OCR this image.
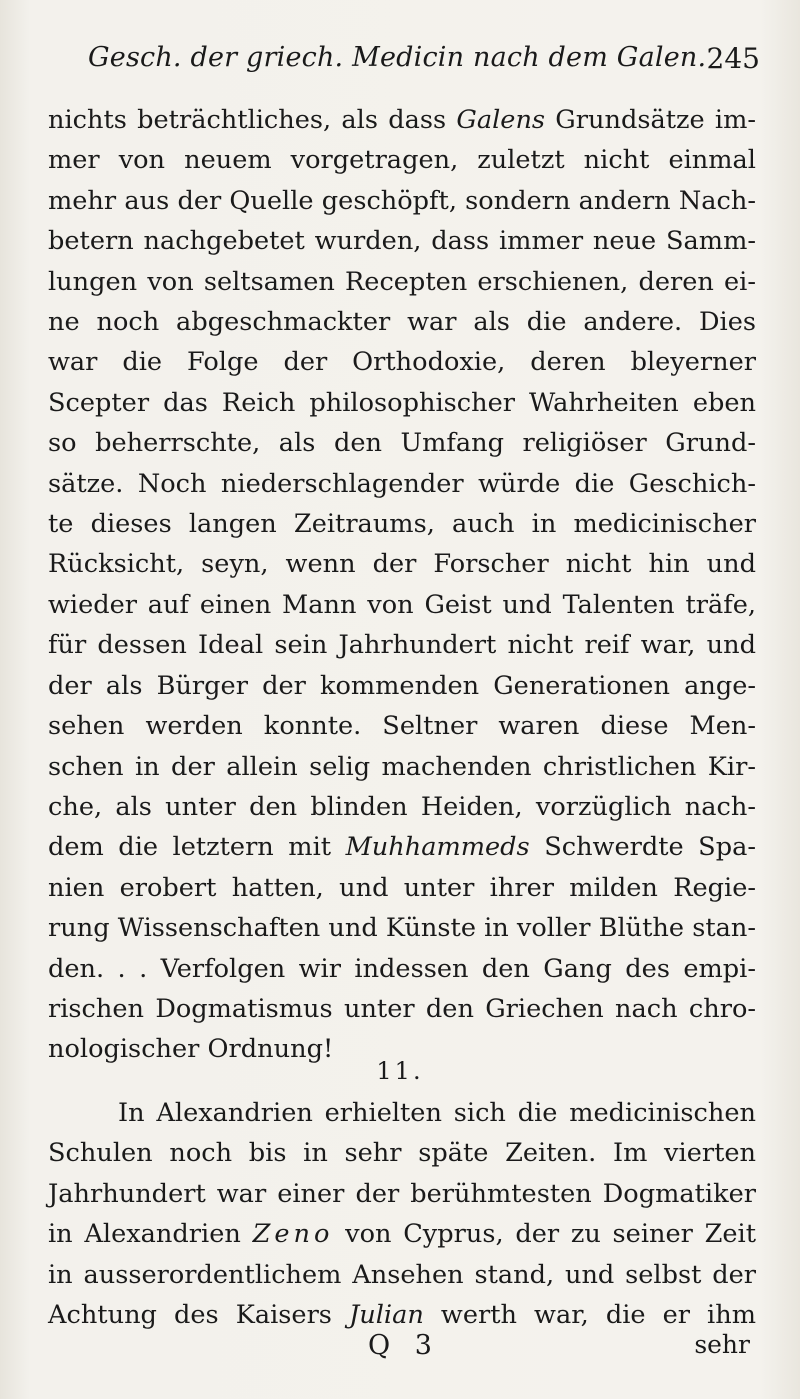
Gesch. der griech. Medicin nach dem Galen. 245
nichts beträchtliches, als dass Galens Grundsätze im-
mer von neuem vorgetragen, zuletzt nicht einmal
mehr aus der Quelle geschöpft, sondern andern Nach-
betern nachgebetet wurden, dass immer neue Samm-
lungen von seltsamen Recepten erschienen, deren ei-
ne noch abgeschmackter war als die andere. Dies
war die Folge der Orthodoxie, deren bleyerner
Scepter das Reich philosophischer Wahrheiten eben
so beherrschte, als den Umfang religiöser Grund-
sätze. Noch niederschlagender würde die Geschich-
te dieses langen Zeitraums, auch in medicinischer
Rücksicht, seyn, wenn der Forscher nicht hin und
wieder auf einen Mann von Geist und Talenten träfe,
für dessen Ideal sein Jahrhundert nicht reif war, und
der als Bürger der kommenden Generationen ange-
sehen werden konnte. Seltner waren diese Men-
schen in der allein selig machenden christlichen Kir-
che, als unter den blinden Heiden, vorzüglich nach-
dem die letztern mit Muhhammeds Schwerdte Spa-
nien erobert hatten, und unter ihrer milden Regie-
rung Wissenschaften und Künste in voller Blüthe stan-
den. . . Verfolgen wir indessen den Gang des empi-
rischen Dogmatismus unter den Griechen nach chro-
nologischer Ordnung!
11.
In Alexandrien erhielten sich die medicinischen
Schulen noch bis in sehr späte Zeiten. Im vierten
Jahrhundert war einer der berühmtesten Dogmatiker
in Alexandrien Zeno von Cyprus, der zu seiner Zeit
in ausserordentlichem Ansehen stand, und selbst der
Achtung des Kaisers Julian werth war, die er ihm
Q 3	sehr
